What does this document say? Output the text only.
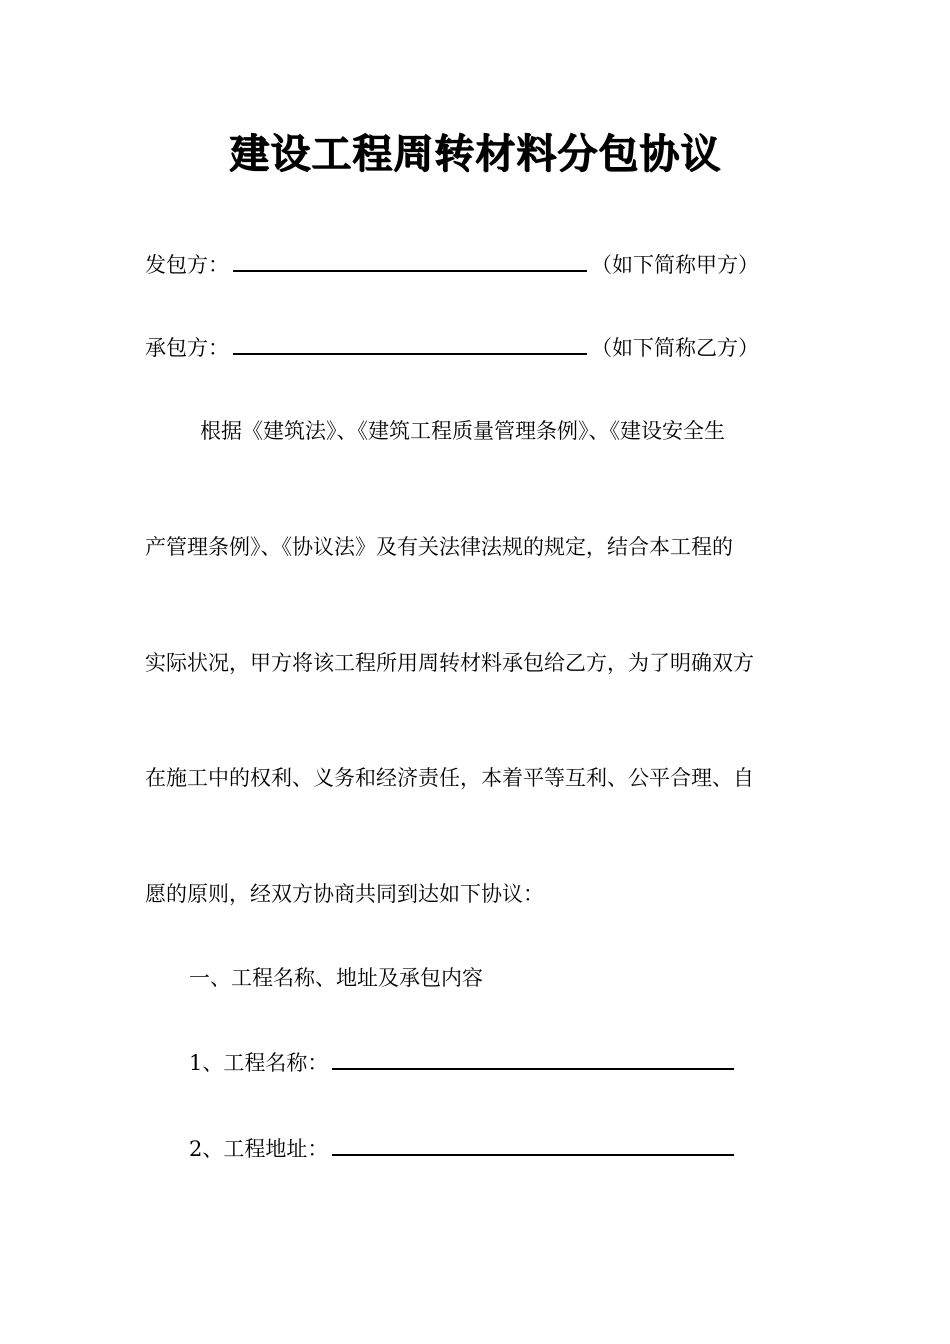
建设工程周转材料分包协议
发包方：	（如下简称甲方）
承包方：	（如下简称乙方）
根据《建筑法》、《建筑工程质量管理条例》、《建设安全生
产管理条例》、《协议法》及有关法律法规的规定，结合本工程的
实际状况，甲方将该工程所用周转材料承包给乙方，为了明确双方
在施工中的权利、义务和经济责任，本着平等互利、公平合理、自
愿的原则，经双方协商共同到达如下协议：
一、工程名称、地址及承包内容
1、工程名称：
2、工程地址：
